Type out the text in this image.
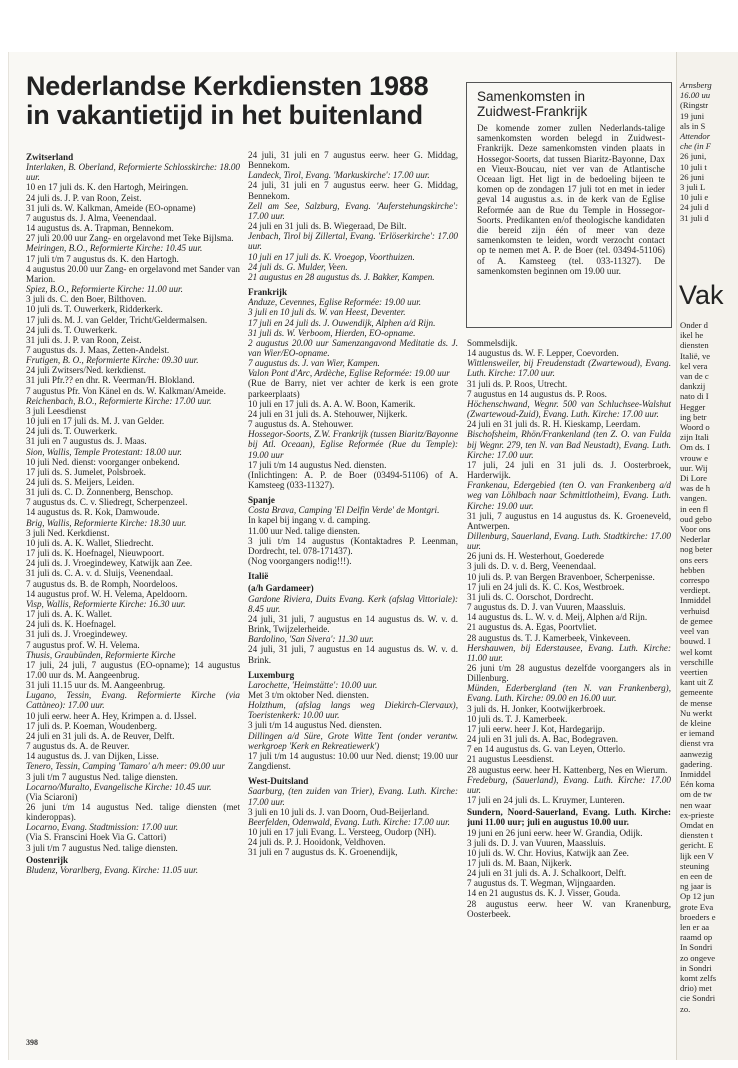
Nederlandse Kerkdiensten 1988
in vakantietijd in het buitenland

Zwitserland

Interlaken, B. Oberland, Reformierte Schlosskirche: 18.00 uur.

10 en 17 juli ds. K. den Hartogh, Meiringen.

24 juli ds. J. P. van Roon, Zeist.

31 juli ds. W. Kalkman, Ameide (EO-opname)

7 augustus ds. J. Alma, Veenendaal.

14 augustus ds. A. Trapman, Bennekom.

27 juli 20.00 uur Zang- en orgelavond met Teke Bijlsma.

Meiringen, B.O., Reformierte Kirche: 10.45 uur.

17 juli t/m 7 augustus ds. K. den Hartogh.

4 augustus 20.00 uur Zang- en orgelavond met Sander van Marion.

Spiez, B.O., Reformierte Kirche: 11.00 uur.

3 juli ds. C. den Boer, Bilthoven.

10 juli ds. T. Ouwerkerk, Ridderkerk.

17 juli ds. M. J. van Gelder, Tricht/Geldermalsen.

24 juli ds. T. Ouwerkerk.

31 juli ds. J. P. van Roon, Zeist.

7 augustus ds. J. Maas, Zetten-Andelst.

Frutigen, B. O., Reformierte Kirche: 09.30 uur.

24 juli Zwitsers/Ned. kerkdienst.

31 juli Pfr.?? en dhr. R. Veerman/H. Blokland.

7 augustus Pfr. Von Känel en ds. W. Kalkman/Ameide.

Reichenbach, B.O., Reformierte Kirche: 17.00 uur.

3 juli Leesdienst

10 juli en 17 juli ds. M. J. van Gelder.

24 juli ds. T. Ouwerkerk.

31 juli en 7 augustus ds. J. Maas.

Sion, Wallis, Temple Protestant: 18.00 uur.

10 juli Ned. dienst: voorganger onbekend.

17 juli ds. S. Jumelet, Polsbroek.

24 juli ds. S. Meijers, Leiden.

31 juli ds. C. D. Zonnenberg, Benschop.

7 augustus ds. C. v. Sliedregt, Scherpenzeel.

14 augustus ds. R. Kok, Damwoude.

Brig, Wallis, Reformierte Kirche: 18.30 uur.

3 juli Ned. Kerkdienst.

10 juli ds. A. K. Wallet, Sliedrecht.

17 juli ds. K. Hoefnagel, Nieuwpoort.

24 juli ds. J. Vroegindewey, Katwijk aan Zee.

31 juli ds. C. A. v. d. Sluijs, Veenendaal.

7 augustus ds. B. de Romph, Noordeloos.

14 augustus prof. W. H. Velema, Apeldoorn.

Visp, Wallis, Reformierte Kirche: 16.30 uur.

17 juli ds. A. K. Wallet.

24 juli ds. K. Hoefnagel.

31 juli ds. J. Vroegindewey.

7 augustus prof. W. H. Velema.

Thusis, Graubünden, Reformierte Kirche

17 juli, 24 juli, 7 augustus (EO-opname); 14 augustus 17.00 uur ds. M. Aangeenbrug.

31 juli 11.15 uur ds. M. Aangeenbrug.

Lugano, Tessin, Evang. Reformierte Kirche (via Cattàneo): 17.00 uur.

10 juli eerw. heer A. Hey, Krimpen a. d. IJssel.

17 juli ds. P. Koeman, Woudenberg.

24 juli en 31 juli ds. A. de Reuver, Delft.

7 augustus ds. A. de Reuver.

14 augustus ds. J. van Dijken, Lisse.

Tenero, Tessin, Camping 'Tamaro' a/h meer: 09.00 uur

3 juli t/m 7 augustus Ned. talige diensten.

Locarno/Muralto, Evangelische Kirche: 10.45 uur.

(Via Sciaroni)

26 juni t/m 14 augustus Ned. talige diensten (met kinderoppas).

Locarno, Evang. Stadtmission: 17.00 uur.

(Via S. Franscini Hoek Via G. Cattori)

3 juli t/m 7 augustus Ned. talige diensten.

Oostenrijk

Bludenz, Vorarlberg, Evang. Kirche: 11.05 uur.

24 juli, 31 juli en 7 augustus eerw. heer G. Middag, Bennekom.

Landeck, Tirol, Evang. 'Markuskirche': 17.00 uur.

24 juli, 31 juli en 7 augustus eerw. heer G. Middag, Bennekom.

Zell am See, Salzburg, Evang. 'Auferstehungskirche': 17.00 uur.

24 juli en 31 juli ds. B. Wiegeraad, De Bilt.

Jenbach, Tirol bij Zillertal, Evang. 'Erlöserkirche': 17.00 uur.

10 juli en 17 juli ds. K. Vroegop, Voorthuizen.

24 juli ds. G. Mulder, Veen.

21 augustus en 28 augustus ds. J. Bakker, Kampen.

Frankrijk

Anduze, Cevennes, Eglise Reformée: 19.00 uur.

3 juli en 10 juli ds. W. van Heest, Deventer.

17 juli en 24 juli ds. J. Ouwendijk, Alphen a/d Rijn.

31 juli ds. W. Verboom, Hierden, EO-opname.

2 augustus 20.00 uur Samenzangavond Meditatie ds. J. van Wier/EO-opname.

7 augustus ds. J. van Wier, Kampen.

Valon Pont d'Arc, Ardèche, Eglise Reformée: 19.00 uur

(Rue de Barry, niet ver achter de kerk is een grote parkeerplaats)

10 juli en 17 juli ds. A. A. W. Boon, Kamerik.

24 juli en 31 juli ds. A. Stehouwer, Nijkerk.

7 augustus ds. A. Stehouwer.

Hossegor-Soorts, Z.W. Frankrijk (tussen Biaritz/Bayonne bij Atl. Oceaan), Eglise Reformée (Rue du Temple): 19.00 uur

17 juli t/m 14 augustus Ned. diensten.

(Inlichtingen: A. P. de Boer (03494-51106) of A. Kamsteeg (033-11327).

Spanje

Costa Brava, Camping 'El Delfin Verde' de Montgri.

In kapel bij ingang v. d. camping.

11.00 uur Ned. talige diensten.

3 juli t/m 14 augustus (Kontaktadres P. Leenman, Dordrecht, tel. 078-171437).

(Nog voorgangers nodig!!!).

Italië

(a/h Gardameer)

Gardone Riviera, Duits Evang. Kerk (afslag Vittoriale): 8.45 uur.

24 juli, 31 juli, 7 augustus en 14 augustus ds. W. v. d. Brink, Twijzelerheide.

Bardolino, 'San Sivera': 11.30 uur.

24 juli, 31 juli, 7 augustus en 14 augustus ds. W. v. d. Brink.

Luxemburg

Larochette, 'Heimstätte': 10.00 uur.

Met 3 t/m oktober Ned. diensten.

Holzthum, (afslag langs weg Diekirch-Clervaux), Toeristenkerk: 10.00 uur.

3 juli t/m 14 augustus Ned. diensten.

Dillingen a/d Süre, Grote Witte Tent (onder verantw. werkgroep 'Kerk en Rekreatiewerk')

17 juli t/m 14 augustus: 10.00 uur Ned. dienst; 19.00 uur Zangdienst.

West-Duitsland

Saarburg, (ten zuiden van Trier), Evang. Luth. Kirche: 17.00 uur.

3 juli en 10 juli ds. J. van Doorn, Oud-Beijerland.

Beerfelden, Odenwald, Evang. Luth. Kirche: 17.00 uur.

10 juli en 17 juli Evang. L. Versteeg, Oudorp (NH).

24 juli ds. P. J. Hooidonk, Veldhoven.

31 juli en 7 augustus ds. K. Groenendijk,

Samenkomsten in
Zuidwest-Frankrijk

De komende zomer zullen Nederlands-talige samenkomsten worden belegd in Zuidwest-Frankrijk. Deze samenkomsten vinden plaats in Hossegor-Soorts, dat tussen Biaritz-Bayonne, Dax en Vieux-Boucau, niet ver van de Atlantische Oceaan ligt. Het ligt in de bedoeling bijeen te komen op de zondagen 17 juli tot en met in ieder geval 14 augustus a.s. in de kerk van de Eglise Reformée aan de Rue du Temple in Hossegor-Soorts. Predikanten en/of theologische kandidaten die bereid zijn één of meer van deze samenkomsten te leiden, wordt verzocht contact op te nemen met A. P. de Boer (tel. 03494-51106) of A. Kamsteeg (tel. 033-11327). De samenkomsten beginnen om 19.00 uur.

Sommelsdijk.

14 augustus ds. W. F. Lepper, Coevorden.

Wittlensweiler, bij Freudenstadt (Zwartewoud), Evang. Luth. Kirche: 17.00 uur.

31 juli ds. P. Roos, Utrecht.

7 augustus en 14 augustus ds. P. Roos.

Höchenschwand, Wegnr. 500 van Schluchsee-Walshut (Zwartewoud-Zuid), Evang. Luth. Kirche: 17.00 uur.

24 juli en 31 juli ds. R. H. Kieskamp, Leerdam.

Bischofsheim, Rhön/Frankenland (ten Z. O. van Fulda bij Wegnr. 279, ten N. van Bad Neustadt), Evang. Luth. Kirche: 17.00 uur.

17 juli, 24 juli en 31 juli ds. J. Oosterbroek, Harderwijk.

Frankenau, Edergebied (ten O. van Frankenberg a/d weg van Löhlbach naar Schmittlotheim), Evang. Luth. Kirche: 19.00 uur.

31 juli, 7 augustus en 14 augustus ds. K. Groeneveld, Antwerpen.

Dillenburg, Sauerland, Evang. Luth. Stadtkirche: 17.00 uur.

26 juni ds. H. Westerhout, Goederede

3 juli ds. D. v. d. Berg, Veenendaal.

10 juli ds. P. van Bergen Bravenboer, Scherpenisse.

17 juli en 24 juli ds. K. C. Kos, Westbroek.

31 juli ds. C. Oorschot, Dordrecht.

7 augustus ds. D. J. van Vuuren, Maassluis.

14 augustus ds. L. W. v. d. Meij, Alphen a/d Rijn.

21 augustus ds. A. Egas, Poortvliet.

28 augustus ds. T. J. Kamerbeek, Vinkeveen.

Hershauwen, bij Ederstausee, Evang. Luth. Kirche: 11.00 uur.

26 juni t/m 28 augustus dezelfde voorgangers als in Dillenburg.

Münden, Ederbergland (ten N. van Frankenberg), Evang. Luth. Kirche: 09.00 en 16.00 uur.

3 juli ds. H. Jonker, Kootwijkerbroek.

10 juli ds. T. J. Kamerbeek.

17 juli eerw. heer J. Kot, Hardegarijp.

24 juli en 31 juli ds. A. Bac, Bodegraven.

7 en 14 augustus ds. G. van Leyen, Otterlo.

21 augustus Leesdienst.

28 augustus eerw. heer H. Kattenberg, Nes en Wierum.

Fredeburg, (Sauerland), Evang. Luth. Kirche: 17.00 uur.

17 juli en 24 juli ds. L. Kruymer, Lunteren.

Sundern, Noord-Sauerland, Evang. Luth. Kirche: juni 11.00 uur; juli en augustus 10.00 uur.

19 juni en 26 juni eerw. heer W. Grandia, Odijk.

3 juli ds. D. J. van Vuuren, Maassluis.

10 juli ds. W. Chr. Hovius, Katwijk aan Zee.

17 juli ds. M. Baan, Nijkerk.

24 juli en 31 juli ds. A. J. Schalkoort, Delft.

7 augustus ds. T. Wegman, Wijngaarden.

14 en 21 augustus ds. K. J. Visser, Gouda.

28 augustus eerw. heer W. van Kranenburg, Oosterbeek.

Arnsberg
16.00 uu
(Ringstr
19 juni
als in S
Attendor
che (in F
26 juni,
10 juli t
26 juni
3 juli L
10 juli e
24 juli d
31 juli d
Vak
Onder d
ikel he
diensten
Italië, ve
kel vera
van de c
dankzij
nato di I
Hegger
ing betr
Woord o
zijn Itali
Om ds. I
vrouw e
uur. Wij
Di Lore
was de h
vangen.
in een fl
oud gebo
Voor ons
Nederlar
nog beter
ons eers
hebben
correspo
verdiept.
Inmiddel
verhuisd
de gemee
veel van
bouwd. I
wel komt
verschille
veertien
kant uit Z
gemeente
de mense
Nu werkt
de kleine
er iemand
dienst vra
aanwezig
gadering.
Inmiddel
Eén koma
om de tw
nen waar
ex-prieste
Omdat en
diensten t
gericht. E
lijk een V
steuning
en een de
ng jaar is
Op 12 jun
grote Eva
broeders e
len er aa
raamd op
In Sondri
zo ongeve
in Sondri
komt zelfs
drio) met
cie Sondri
zo.
398
